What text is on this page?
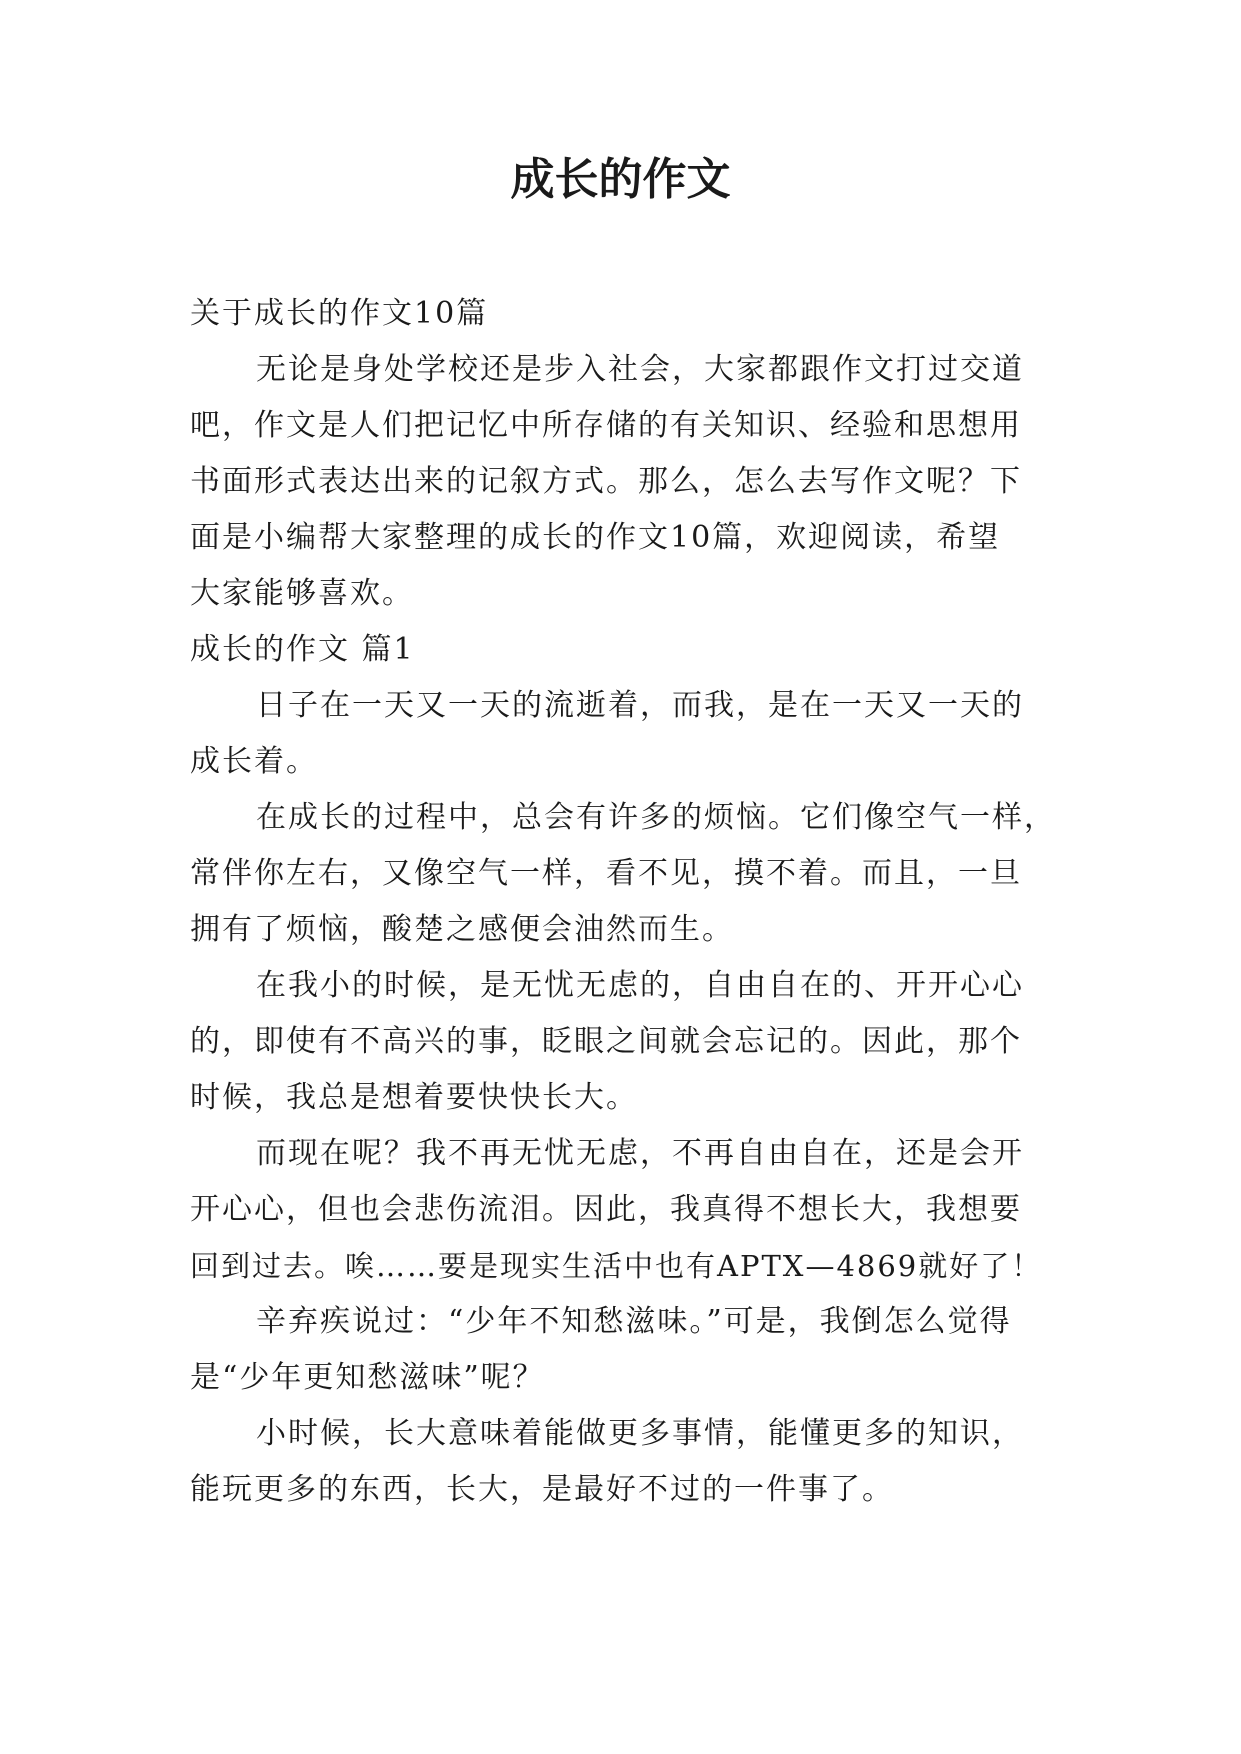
成长的作文

关于成长的作文10篇

无论是身处学校还是步入社会，大家都跟作文打过交道

吧，作文是人们把记忆中所存储的有关知识、经验和思想用

书面形式表达出来的记叙方式。那么，怎么去写作文呢？下

面是小编帮大家整理的成长的作文10篇，欢迎阅读，希望

大家能够喜欢。

成长的作文 篇1

日子在一天又一天的流逝着，而我，是在一天又一天的

成长着。

在成长的过程中，总会有许多的烦恼。它们像空气一样，

常伴你左右，又像空气一样，看不见，摸不着。而且，一旦

拥有了烦恼，酸楚之感便会油然而生。

在我小的时候，是无忧无虑的，自由自在的、开开心心

的，即使有不高兴的事，眨眼之间就会忘记的。因此，那个

时候，我总是想着要快快长大。

而现在呢？我不再无忧无虑，不再自由自在，还是会开

开心心，但也会悲伤流泪。因此，我真得不想长大，我想要

回到过去。唉……要是现实生活中也有APTX—4869就好了！

辛弃疾说过：“少年不知愁滋味。”可是，我倒怎么觉得

是“少年更知愁滋味”呢？

小时候，长大意味着能做更多事情，能懂更多的知识，

能玩更多的东西，长大，是最好不过的一件事了。
